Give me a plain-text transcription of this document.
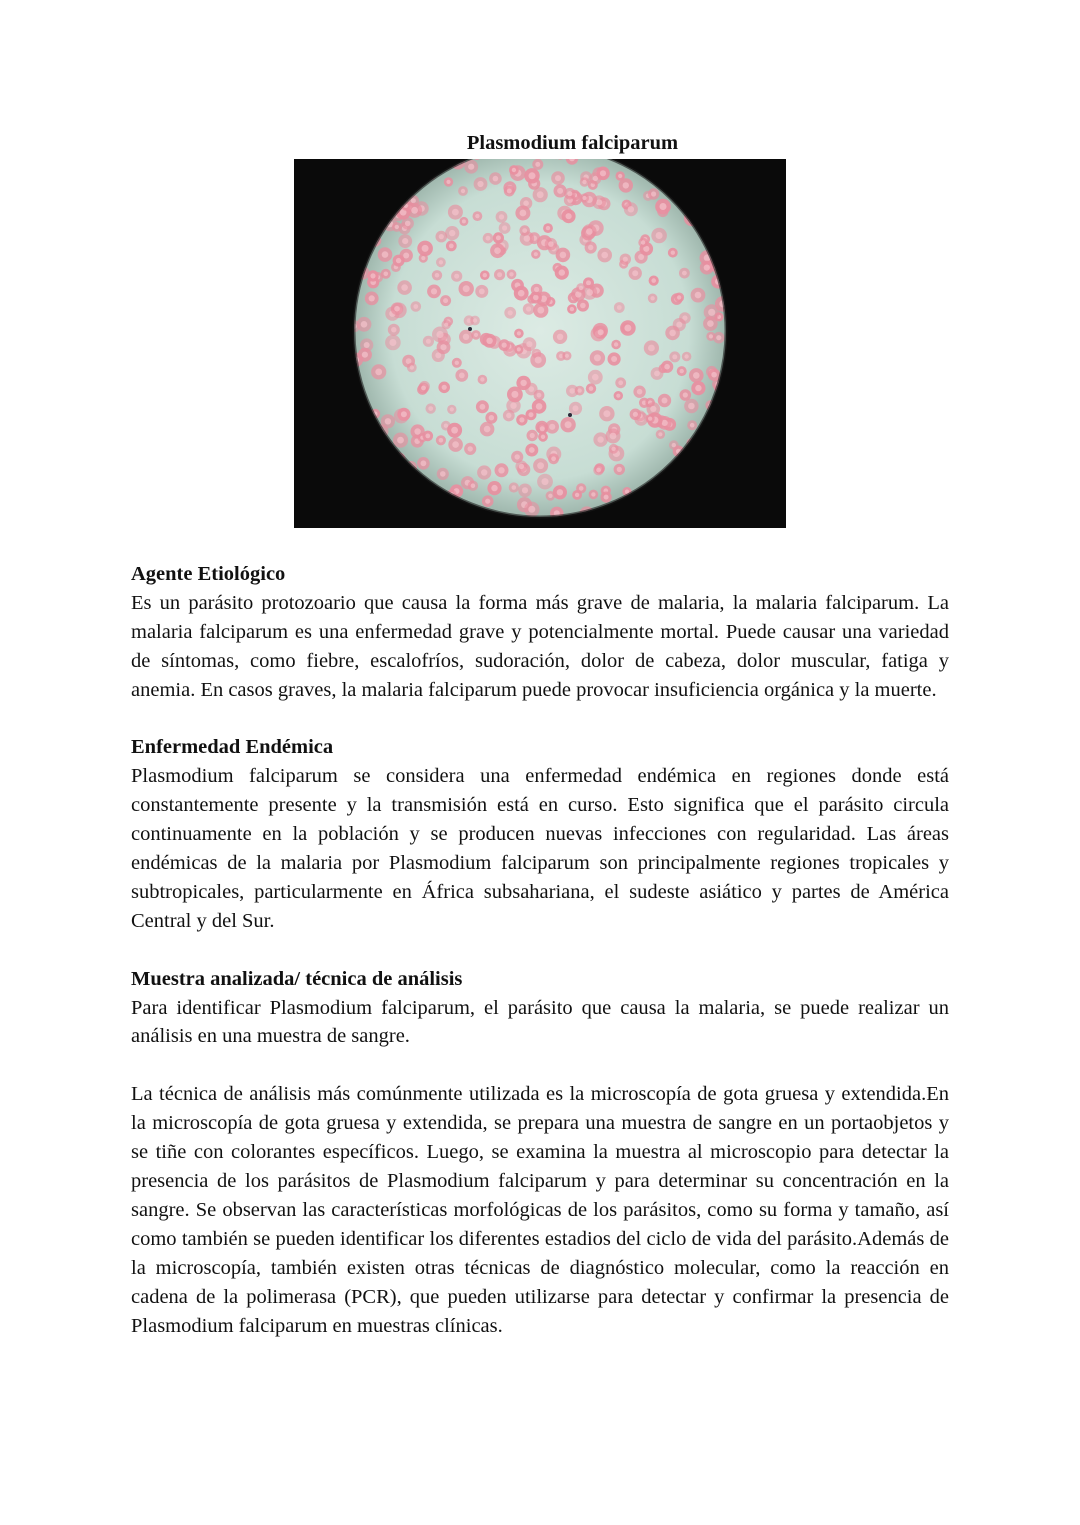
Plasmodium falciparum

Agente Etiológico

Es un parásito protozoario que causa la forma más grave de malaria, la malaria falciparum. La malaria falciparum es una enfermedad grave y potencialmente mortal. Puede causar una variedad de síntomas, como fiebre, escalofríos, sudoración, dolor de cabeza, dolor muscular, fatiga y anemia. En casos graves, la malaria falciparum puede provocar insuficiencia orgánica y la muerte.

Enfermedad Endémica

Plasmodium falciparum se considera una enfermedad endémica en regiones donde está constantemente presente y la transmisión está en curso. Esto significa que el parásito circula continuamente en la población y se producen nuevas infecciones con regularidad. Las áreas endémicas de la malaria por Plasmodium falciparum son principalmente regiones tropicales y subtropicales, particularmente en África subsahariana, el sudeste asiático y partes de América Central y del Sur.

Muestra analizada/ técnica de análisis

Para identificar Plasmodium falciparum, el parásito que causa la malaria, se puede realizar un análisis en una muestra de sangre.

La técnica de análisis más comúnmente utilizada es la microscopía de gota gruesa y extendida.En la microscopía de gota gruesa y extendida, se prepara una muestra de sangre en un portaobjetos y se tiñe con colorantes específicos. Luego, se examina la muestra al microscopio para detectar la presencia de los parásitos de Plasmodium falciparum y para determinar su concentración en la sangre. Se observan las características morfológicas de los parásitos, como su forma y tamaño, así como también se pueden identificar los diferentes estadios del ciclo de vida del parásito.Además de la microscopía, también existen otras técnicas de diagnóstico molecular, como la reacción en cadena de la polimerasa (PCR), que pueden utilizarse para detectar y confirmar la presencia de Plasmodium falciparum en muestras clínicas.
